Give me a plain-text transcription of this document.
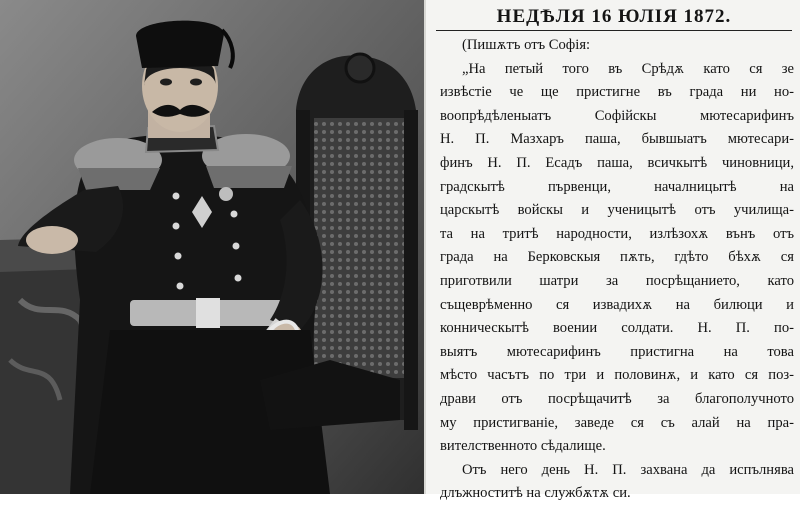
НЕДѢЛЯ 16 ЮЛІЯ 1872.
(Пишѫтъ отъ Софія:
„На петый того въ Срѣдѫ като ся зе
извѣстіе че ще пристигне въ града ни но-
воопрѣдѣленыатъ Софійскы мютесарифинъ
Н. П. Мазхаръ паша, бывшыатъ мютесари-
финъ Н. П. Есадъ паша, всичкытѣ чиновници,
градскытѣ първенци, началницытѣ на
царскытѣ войскы и ученицытѣ отъ училища-
та на тритѣ народности, излѣзохѫ вънъ отъ
града на Берковскыя пѫть, гдѣто бѣхѫ ся
приготвили шатри за посрѣщанието, като
същеврѣменно ся извадихѫ на билюци и
конническытѣ воении солдати. Н. П. по-
выятъ мютесарифинъ пристигна на това
мѣсто часътъ по три и половинѫ, и като ся поз-
драви отъ посрѣщачитѣ за благополучното
му пристигванiе, заведе ся съ алай на пра-
вителственното сѣдалище.
Отъ него день Н. П. захвана да испълнява
длъжноститѣ на службѫтѫ си.
